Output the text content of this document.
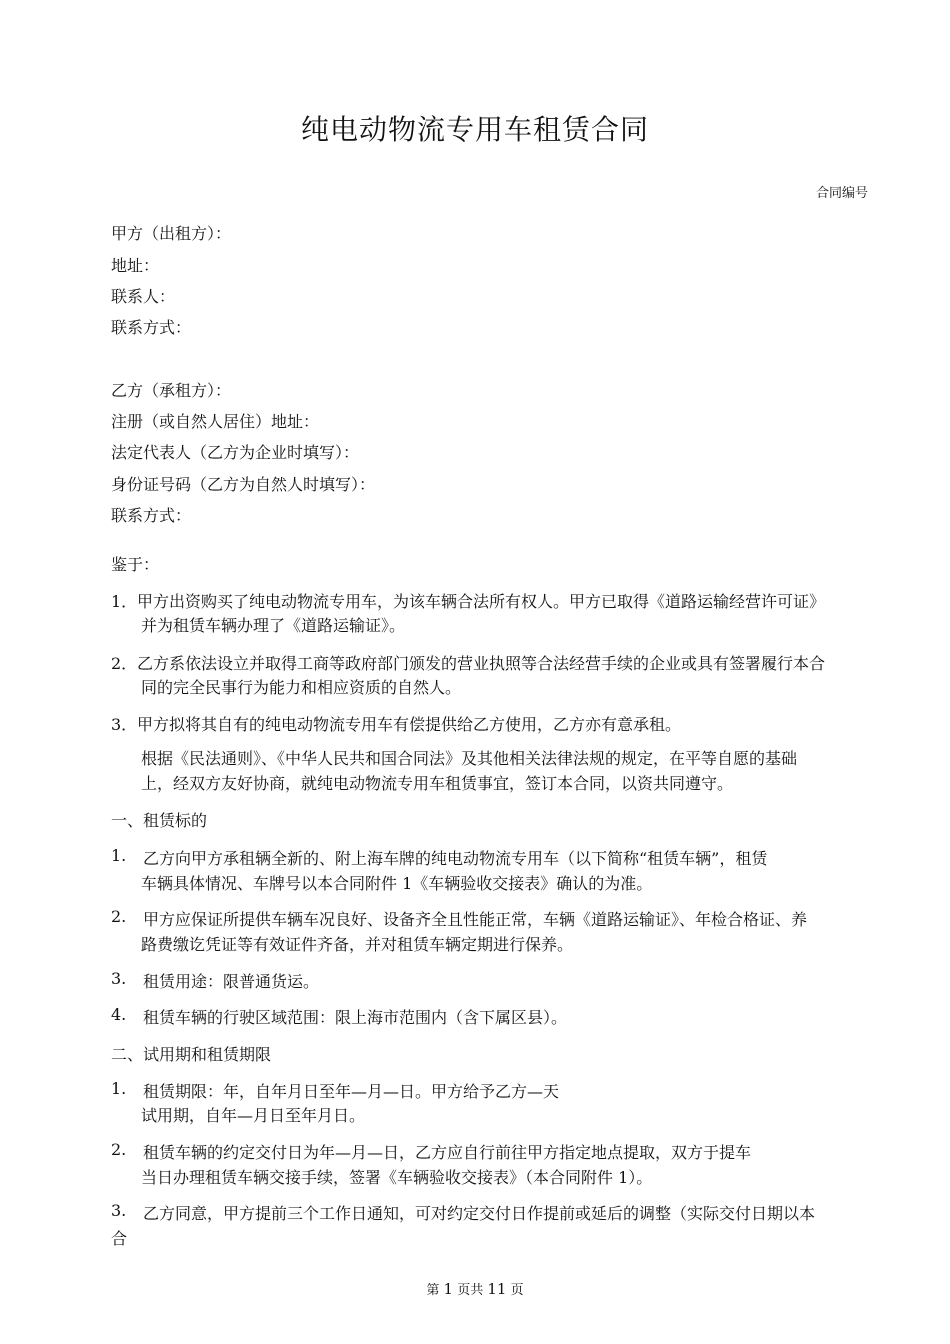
纯电动物流专用车租赁合同
合同编号
甲方（出租方）：
地址：
联系人：
联系方式：
乙方（承租方）：
注册（或自然人居住）地址：
法定代表人（乙方为企业时填写）：
身份证号码（乙方为自然人时填写）：
联系方式：
鉴于：
1． 甲方出资购买了纯电动物流专用车，为该车辆合法所有权人。甲方已取得《道路运输经营许可证》
并为租赁车辆办理了《道路运输证》。
2． 乙方系依法设立并取得工商等政府部门颁发的营业执照等合法经营手续的企业或具有签署履行本合
同的完全民事行为能力和相应资质的自然人。
3． 甲方拟将其自有的纯电动物流专用车有偿提供给乙方使用，乙方亦有意承租。
根据《民法通则》、《中华人民共和国合同法》及其他相关法律法规的规定，在平等自愿的基础
上，经双方友好协商，就纯电动物流专用车租赁事宜，签订本合同，以资共同遵守。
一、租赁标的
1. 乙方向甲方承租辆全新的、附上海车牌的纯电动物流专用车（以下简称“租赁车辆”，租赁
车辆具体情况、车牌号以本合同附件 1《车辆验收交接表》确认的为准。
2. 甲方应保证所提供车辆车况良好、设备齐全且性能正常，车辆《道路运输证》、年检合格证、养
路费缴讫凭证等有效证件齐备，并对租赁车辆定期进行保养。
3. 租赁用途：限普通货运。
4. 租赁车辆的行驶区域范围：限上海市范围内（含下属区县）。
二、试用期和租赁期限
1. 租赁期限：年，自年月日至年—月—日。甲方给予乙方—天
试用期，自年—月日至年月日。
2. 租赁车辆的约定交付日为年—月—日，乙方应自行前往甲方指定地点提取，双方于提车
当日办理租赁车辆交接手续，签署《车辆验收交接表》（本合同附件 1）。
3. 乙方同意，甲方提前三个工作日通知，可对约定交付日作提前或延后的调整（实际交付日期以本
合
第 1 页共 11 页
